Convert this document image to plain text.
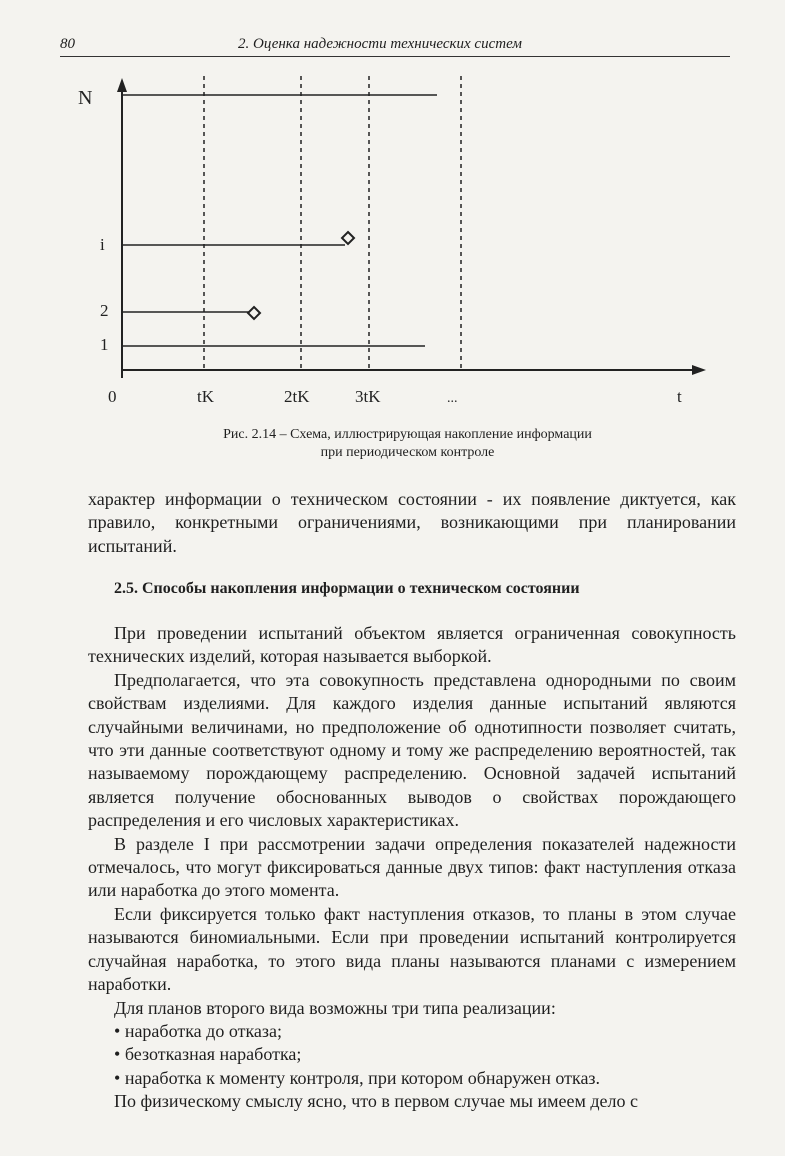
80	2. Оценка надежности технических систем
N
i
2
1
0	tK	2tK	3tK	...	t
Рис. 2.14 – Схема, иллюстрирующая накопление информации
при периодическом контроле

характер информации о техническом состоянии - их появление диктуется, как правило, конкретными ограничениями, возникающими при планировании испытаний.

2.5. Способы накопления информации о техническом состоянии

При проведении испытаний объектом является ограниченная совокупность технических изделий, которая называется выборкой.

Предполагается, что эта совокупность представлена однородными по своим свойствам изделиями. Для каждого изделия данные испытаний являются случайными величинами, но предположение об однотипности позволяет считать, что эти данные соответствуют одному и тому же распределению вероятностей, так называемому порождающему распределению. Основной задачей испытаний является получение обоснованных выводов о свойствах порождающего распределения и его числовых характеристиках.

В разделе I при рассмотрении задачи определения показателей надежности отмечалось, что могут фиксироваться данные двух типов: факт наступления отказа или наработка до этого момента.

Если фиксируется только факт наступления отказов, то планы в этом случае называются биномиальными. Если при проведении испытаний контролируется случайная наработка, то этого вида планы называются планами с измерением наработки.

Для планов второго вида возможны три типа реализации:

• наработка до отказа;

• безотказная наработка;

• наработка к моменту контроля, при котором обнаружен отказ.

По физическому смыслу ясно, что в первом случае мы имеем дело с
